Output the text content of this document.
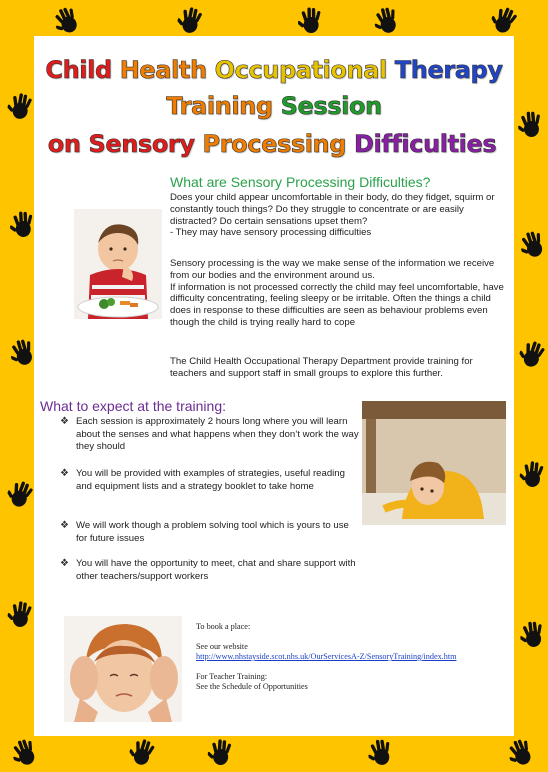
Child Health Occupational Therapy
Training Session
on Sensory Processing Difficulties
What are Sensory Processing Difficulties?

Does your child appear uncomfortable in their body, do they fidget, squirm or constantly touch things? Do they struggle to concentrate or are easily distracted? Do certain sensations upset them?
- They may have sensory processing difficulties

Sensory processing is the way we make sense of the information we receive from our bodies and the environment around us.
If information is not processed correctly the child may feel uncomfortable, have difficulty concentrating, feeling sleepy or be irritable. Often the things a child does in response to these difficulties are seen as behaviour problems even though the child is trying really hard to cope

The Child Health Occupational Therapy Department provide training for teachers and support staff in small groups to explore this further.

What to expect at the training:
❖ Each session is approximately 2 hours long where you will learn about the senses and what happens when they don’t work the way they should
❖ You will be provided with examples of strategies, useful reading and equipment lists and a strategy booklet to take home
❖ We will work though a problem solving tool which is yours to use for future issues
❖ You will have the opportunity to meet, chat and share support with other teachers/support workers

To book a place:

See our website

http://www.nhstayside.scot.nhs.uk/OurServicesA-Z/SensoryTraining/index.htm

For Teacher Training:

See the Schedule of Opportunities
